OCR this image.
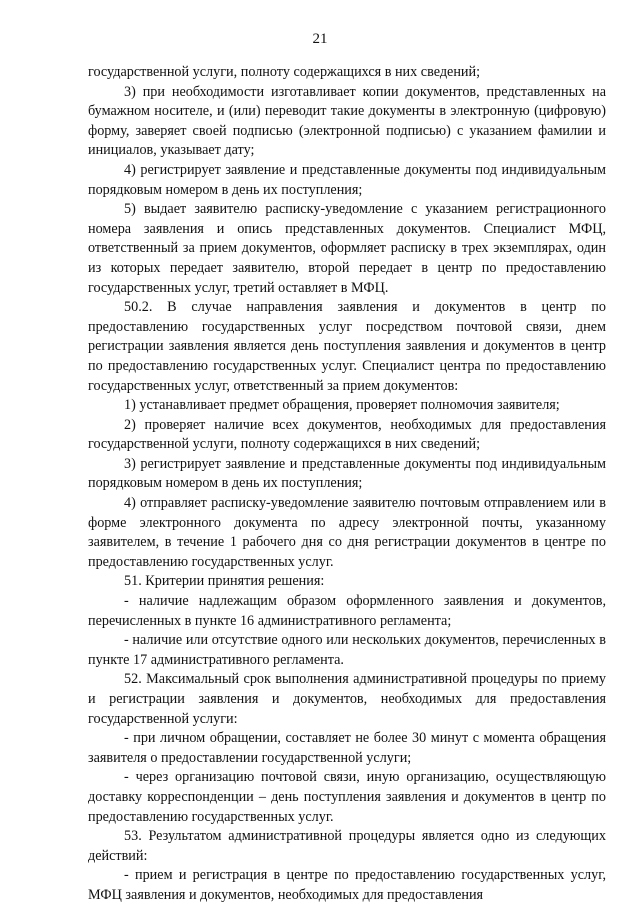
21

государственной услуги, полноту содержащихся в них сведений;

3) при необходимости изготавливает копии документов, представленных на бумажном носителе, и (или) переводит такие документы в электронную (цифровую) форму, заверяет своей подписью (электронной подписью) с указанием фамилии и инициалов, указывает дату;

4) регистрирует заявление и представленные документы под индивидуальным порядковым номером в день их поступления;

5) выдает заявителю расписку-уведомление с указанием регистрационного номера заявления и опись представленных документов. Специалист МФЦ, ответственный за прием документов, оформляет расписку в трех экземплярах, один из которых передает заявителю, второй передает в центр по предоставлению государственных услуг, третий оставляет в МФЦ.

50.2. В случае направления заявления и документов в центр по предоставлению государственных услуг посредством почтовой связи, днем регистрации заявления является день поступления заявления и документов в центр по предоставлению государственных услуг. Специалист центра по предоставлению государственных услуг, ответственный за прием документов:

1) устанавливает предмет обращения, проверяет полномочия заявителя;

2) проверяет наличие всех документов, необходимых для предоставления государственной услуги, полноту содержащихся в них сведений;

3) регистрирует заявление и представленные документы под индивидуальным порядковым номером в день их поступления;

4) отправляет расписку-уведомление заявителю почтовым отправлением или в форме электронного документа по адресу электронной почты, указанному заявителем, в течение 1 рабочего дня со дня регистрации документов в центре по предоставлению государственных услуг.

51. Критерии принятия решения:

- наличие надлежащим образом оформленного заявления и документов, перечисленных в пункте 16 административного регламента;

- наличие или отсутствие одного или нескольких документов, перечисленных в пункте 17 административного регламента.

52. Максимальный срок выполнения административной процедуры по приему и регистрации заявления и документов, необходимых для предоставления государственной услуги:

- при личном обращении, составляет не более 30 минут с момента обращения заявителя о предоставлении государственной услуги;

- через организацию почтовой связи, иную организацию, осуществляющую доставку корреспонденции – день поступления заявления и документов в центр по предоставлению государственных услуг.

53. Результатом административной процедуры является одно из следующих действий:

- прием и регистрация в центре по предоставлению государственных услуг, МФЦ заявления и документов, необходимых для предоставления
